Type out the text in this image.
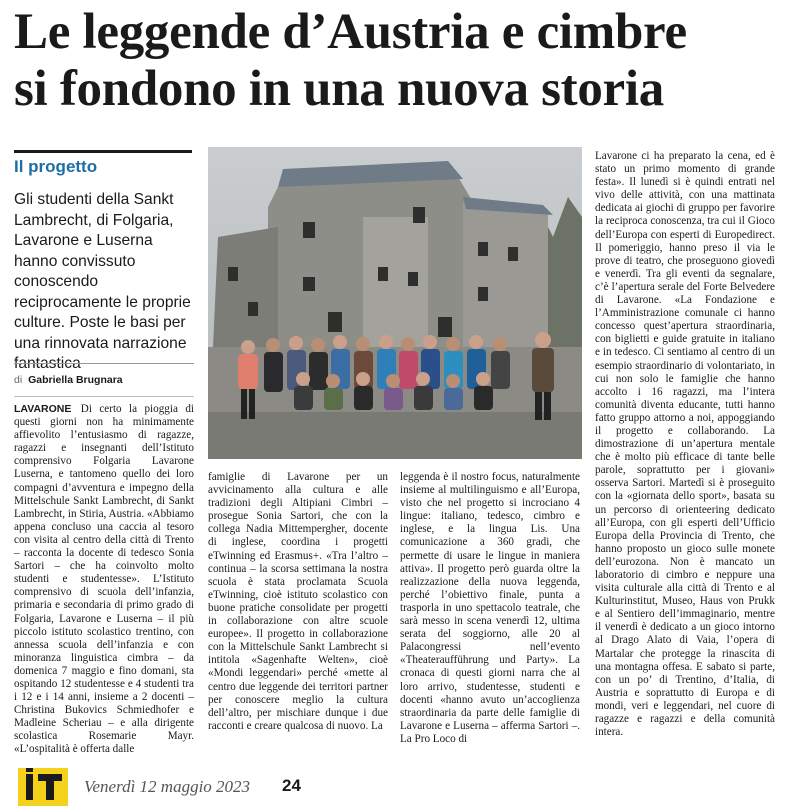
Le leggende d’Austria e cimbre
si fondono in una nuova storia
Il progetto
Gli studenti della Sankt Lambrecht, di Folgaria, Lavarone e Luserna hanno convissuto conoscendo reciprocamente le proprie culture. Poste le basi per una rinnovata narrazione fantastica
di Gabriella Brugnara
LAVARONE Di certo la pioggia di questi giorni non ha minimamente affievolito l’entusiasmo di ragazze, ragazzi e insegnanti dell’Istituto comprensivo Folgaria Lavarone Luserna, e tantomeno quello dei loro compagni d’avventura e impegno della Mittelschule Sankt Lambrecht, di Sankt Lambrecht, in Stiria, Austria. «Abbiamo appena concluso una caccia al tesoro con visita al centro della città di Trento – racconta la docente di tedesco Sonia Sartori – che ha coinvolto molto studenti e studentesse». L’Istituto comprensivo di scuola dell’infanzia, primaria e secondaria di primo grado di Folgaria, Lavarone e Luserna – il più piccolo istituto scolastico trentino, con annessa scuola dell’infanzia e con minoranza linguistica cimbra – da domenica 7 maggio e fino domani, sta ospitando 12 studentesse e 4 studenti tra i 12 e i 14 anni, insieme a 2 docenti – Christina Bukovics Schmiedhofer e Madleine Scheriau – e alla dirigente scolastica Rosemarie Mayr. «L’ospitalità è offerta dalle
famiglie di Lavarone per un avvicinamento alla cultura e alle tradizioni degli Altipiani Cimbri – prosegue Sonia Sartori, che con la collega Nadia Mittempergher, docente di inglese, coordina i progetti eTwinning ed Erasmus+. «Tra l’altro – continua – la scorsa settimana la nostra scuola è stata proclamata Scuola eTwinning, cioè istituto scolastico con buone pratiche consolidate per progetti in collaborazione con altre scuole europee». Il progetto in collaborazione con la Mittelschule Sankt Lambrecht si intitola «Sagenhafte Welten», cioè «Mondi leggendari» perché «mette al centro due leggende dei territori partner per conoscere meglio la cultura dell’altro, per mischiare dunque i due racconti e creare qualcosa di nuovo. La
leggenda è il nostro focus, naturalmente insieme al multilinguismo e all’Europa, visto che nel progetto si incrociano 4 lingue: italiano, tedesco, cimbro e inglese, e la lingua Lis. Una comunicazione a 360 gradi, che permette di usare le lingue in maniera attiva». Il progetto però guarda oltre la realizzazione della nuova leggenda, perché l’obiettivo finale, punta a trasporla in uno spettacolo teatrale, che sarà messo in scena venerdì 12, ultima serata del soggiorno, alle 20 al Palacongressi nell’evento «Theateraufführung und Party». La cronaca di questi giorni narra che al loro arrivo, studentesse, studenti e docenti «hanno avuto un’accoglienza straordinaria da parte delle famiglie di Lavarone e Luserna – afferma Sartori –. La Pro Loco di
Lavarone ci ha preparato la cena, ed è stato un primo momento di grande festa». Il lunedì si è quindi entrati nel vivo delle attività, con una mattinata dedicata ai giochi di gruppo per favorire la reciproca conoscenza, tra cui il Gioco dell’Europa con esperti di Europedirect. Il pomeriggio, hanno preso il via le prove di teatro, che proseguono giovedì e venerdì. Tra gli eventi da segnalare, c’è l’apertura serale del Forte Belvedere di Lavarone. «La Fondazione e l’Amministrazione comunale ci hanno concesso quest’apertura straordinaria, con biglietti e guide gratuite in italiano e in tedesco. Ci sentiamo al centro di un esempio straordinario di volontariato, in cui non solo le famiglie che hanno accolto i 16 ragazzi, ma l’intera comunità diventa educante, tutti hanno fatto gruppo attorno a noi, appoggiando il progetto e collaborando. La dimostrazione di un’apertura mentale che è molto più efficace di tante belle parole, soprattutto per i giovani» osserva Sartori. Martedì si è proseguito con la «giornata dello sport», basata su un percorso di orienteering dedicato all’Europa, con gli esperti dell’Ufficio Europa della Provincia di Trento, che hanno proposto un gioco sulle monete dell’eurozona. Non è mancato un laboratorio di cimbro e neppure una visita culturale alla città di Trento e al Kulturinstitut, Museo, Haus von Prukk e al Sentiero dell’immaginario, mentre il venerdì è dedicato a un gioco intorno al Drago Alato di Vaia, l’opera di Martalar che protegge la rinascita di una montagna offesa. E sabato si parte, con un po’ di Trentino, d’Italia, di Austria e soprattutto di Europa e di mondi, veri e leggendari, nel cuore di ragazze e ragazzi e della comunità intera.
Venerdì 12 maggio 2023 24
